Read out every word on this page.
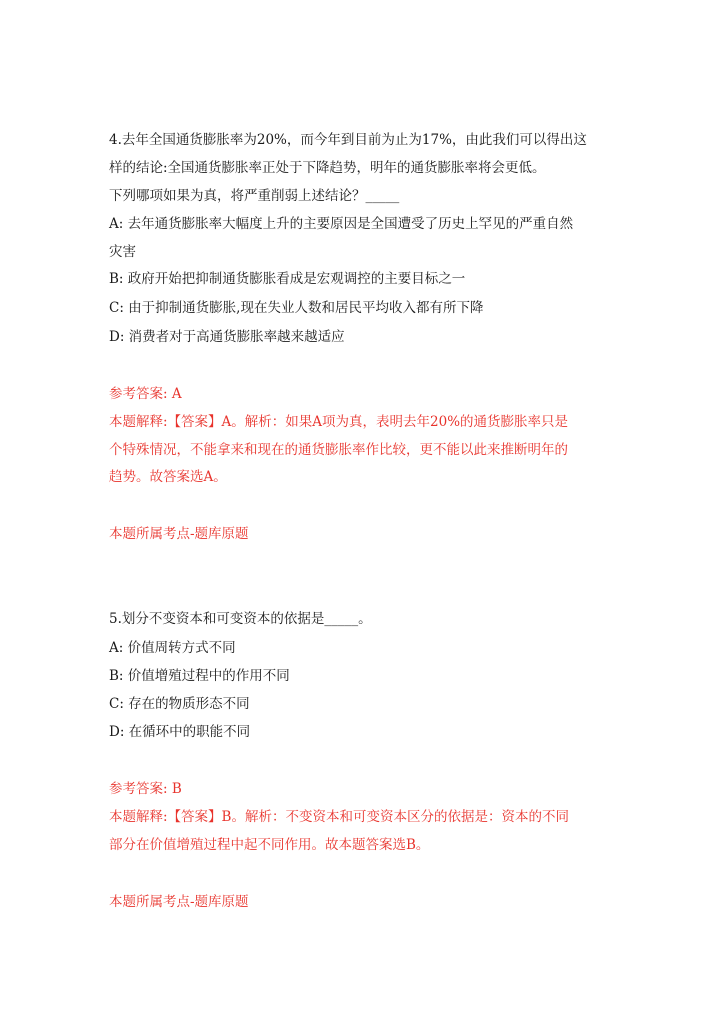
4.去年全国通货膨胀率为20%，而今年到目前为止为17%，由此我们可以得出这
样的结论:全国通货膨胀率正处于下降趋势，明年的通货膨胀率将会更低。
下列哪项如果为真，将严重削弱上述结论？_____
A: 去年通货膨胀率大幅度上升的主要原因是全国遭受了历史上罕见的严重自然
灾害
B: 政府开始把抑制通货膨胀看成是宏观调控的主要目标之一
C: 由于抑制通货膨胀,现在失业人数和居民平均收入都有所下降
D: 消费者对于高通货膨胀率越来越适应
参考答案: A
本题解释:【答案】A。解析：如果A项为真，表明去年20%的通货膨胀率只是
个特殊情况，不能拿来和现在的通货膨胀率作比较，更不能以此来推断明年的
趋势。故答案选A。
本题所属考点-题库原题
5.划分不变资本和可变资本的依据是_____。
A: 价值周转方式不同
B: 价值增殖过程中的作用不同
C: 存在的物质形态不同
D: 在循环中的职能不同
参考答案: B
本题解释:【答案】B。解析：不变资本和可变资本区分的依据是：资本的不同
部分在价值增殖过程中起不同作用。故本题答案选B。
本题所属考点-题库原题
